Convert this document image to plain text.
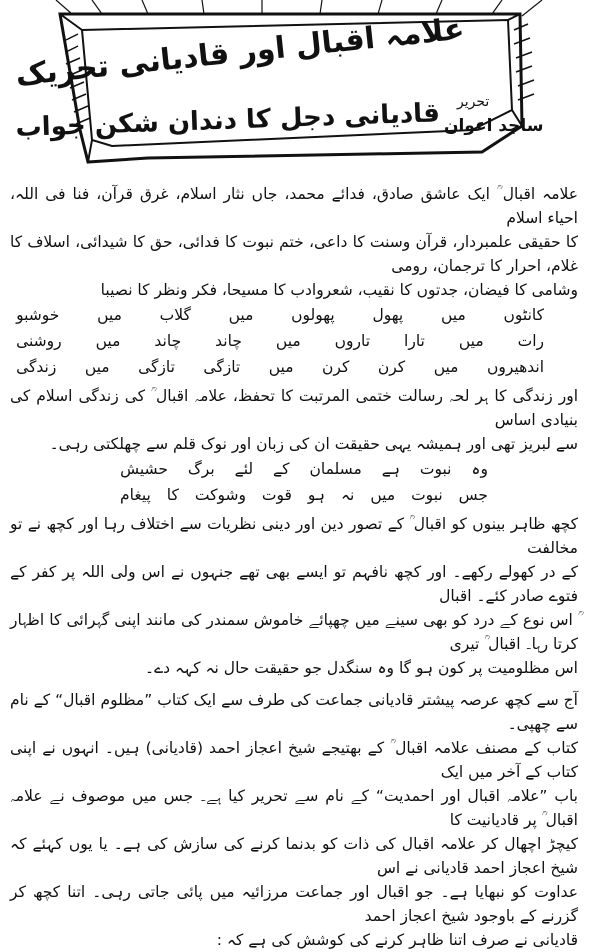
علامہ اقبال اور قادیانی تحریک
تحریر
ساجد اعوان
قادیانی دجل کا دندان شکن جواب

علامہ اقبال ؒ ایک عاشق صادق، فدائے محمد، جاں نثار اسلام، غرق قرآن، فنا فی اللہ، احیاء اسلام

کا حقیقی علمبردار، قرآن وسنت کا داعی، ختم نبوت کا فدائی، حق کا شیدائی، اسلاف کا غلام، احرار کا ترجمان، رومی

وشامی کا فیضان، جدتوں کا نقیب، شعروادب کا مسیحا، فکر ونظر کا نصیبا

کانٹوں
میں
پھول
پھولوں
میں
گلاب
میں
خوشبو
رات
میں
تارا
تاروں
میں
چاند
چاند
میں
روشنی
اندھیروں
میں
کرن
کرن
میں
تازگی
تازگی
میں
زندگی

اور زندگی کا ہر لحہ رسالت ختمی المرتبت کا تحفظ، علامہ اقبال ؒ کی زندگی اسلام کی بنیادی اساس

سے لبریز تھی اور ہمیشہ یہی حقیقت ان کی زبان اور نوک قلم سے چھلکتی رہی۔

وہ
نبوت
ہے
مسلمان
کے
لئے
برگ
حشیش
جس
نبوت
میں
نہ
ہو
قوت
وشوکت
کا
پیغام

کچھ ظاہر بینوں کو اقبال ؒ کے تصور دین اور دینی نظریات سے اختلاف رہا اور کچھ نے تو مخالفت

کے در کھولے رکھے۔ اور کچھ نافہم تو ایسے بھی تھے جنہوں نے اس ولی اللہ پر کفر کے فتوے صادر کئے۔ اقبال

ؒ اس نوع کے درد کو بھی سینے میں چھپائے خاموش سمندر کی مانند اپنی گہرائی کا اظہار کرتا رہا۔ اقبال ؒ تیری

اس مظلومیت پر کون ہو گا وہ سنگدل جو حقیقت حال نہ کہہ دے۔

آج سے کچھ عرصہ پیشتر قادیانی جماعت کی طرف سے ایک کتاب ”مظلوم اقبال“ کے نام سے چھپی۔

کتاب کے مصنف علامہ اقبال ؒ کے بھتیجے شیخ اعجاز احمد (قادیانی) ہیں۔ انہوں نے اپنی کتاب کے آخر میں ایک

باب ”علامہ اقبال اور احمدیت“ کے نام سے تحریر کیا ہے۔ جس میں موصوف نے علامہ اقبال ؒ پر قادیانیت کا

کیچڑ اچھال کر علامہ اقبال کی ذات کو بدنما کرنے کی سازش کی ہے۔ یا یوں کہئے کہ شیخ اعجاز احمد قادیانی نے اس

عداوت کو نبھایا ہے۔ جو اقبال اور جماعت مرزائیہ میں پائی جاتی رہی۔ اتنا کچھ کر گزرنے کے باوجود شیخ اعجاز احمد

قادیانی نے صرف اتنا ظاہر کرنے کی کوشش کی ہے کہ :
